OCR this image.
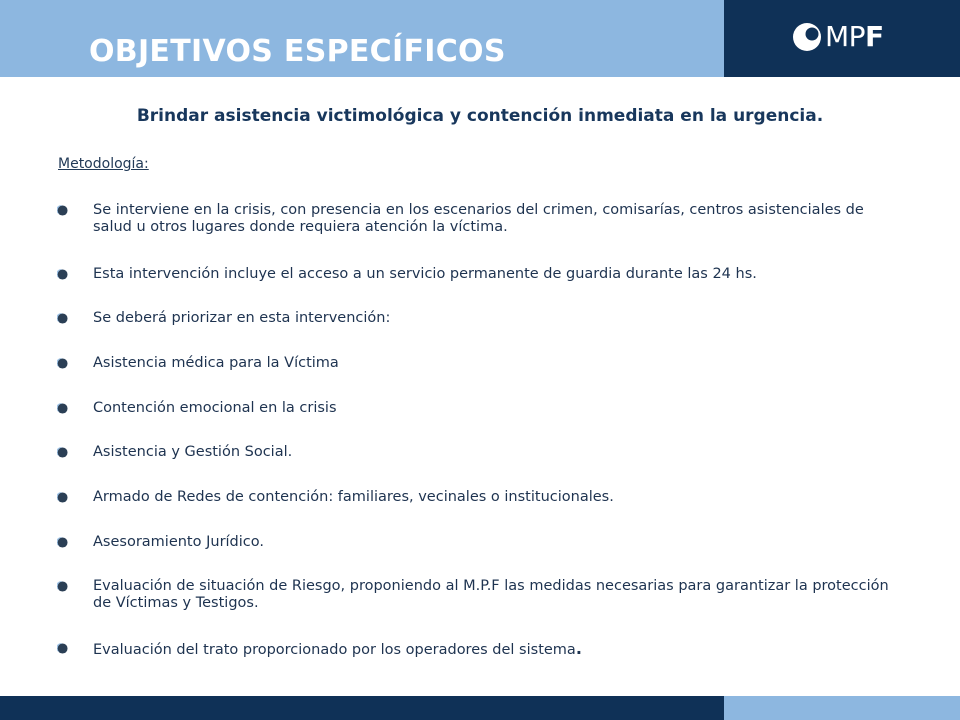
OBJETIVOS ESPECÍFICOS	MPF

Brindar asistencia victimológica y contención inmediata en la urgencia.

Metodología:
Se interviene en la crisis, con presencia en los escenarios del crimen, comisarías, centros asistenciales de salud u otros lugares donde requiera atención la víctima.
Esta intervención incluye el acceso a un servicio permanente de guardia durante las 24 hs.
Se deberá priorizar en esta intervención:
Asistencia médica para la Víctima
Contención emocional en la crisis
Asistencia y Gestión Social.
Armado de Redes de contención: familiares, vecinales o institucionales.
Asesoramiento Jurídico.
Evaluación de situación de Riesgo, proponiendo al M.P.F las medidas necesarias para garantizar la protección de Víctimas y Testigos.
Evaluación del trato proporcionado por los operadores del sistema.
